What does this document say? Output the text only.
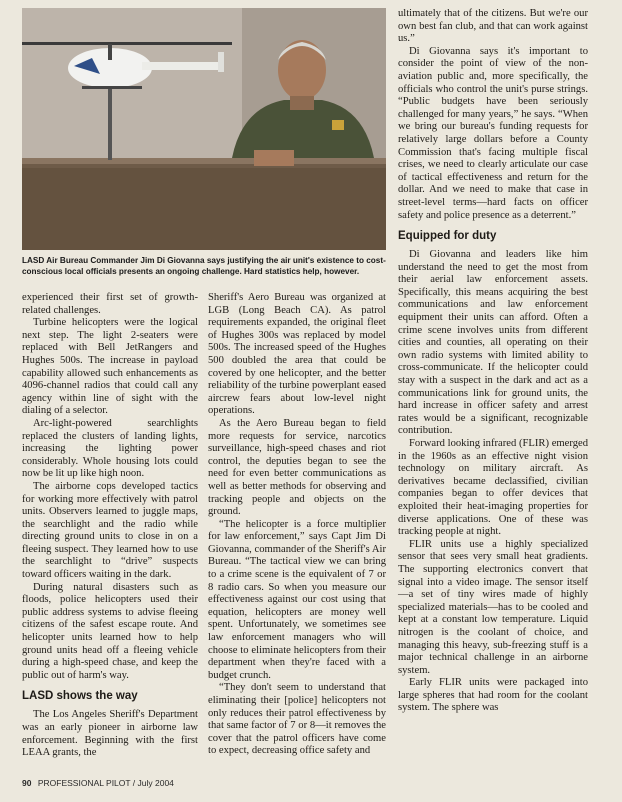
LASD Air Bureau Commander Jim Di Giovanna says justifying the air unit's existence to cost-conscious local officials presents an ongoing challenge. Hard statistics help, however.

experienced their first set of growth-related challenges.

Turbine helicopters were the logical next step. The light 2-seaters were replaced with Bell JetRangers and Hughes 500s. The increase in payload capability allowed such enhancements as 4096-channel radios that could call any agency within line of sight with the dialing of a selector.

Arc-light-powered searchlights replaced the clusters of landing lights, increasing the lighting power considerably. Whole housing lots could now be lit up like high noon.

The airborne cops developed tactics for working more effectively with patrol units. Observers learned to juggle maps, the searchlight and the radio while directing ground units to close in on a fleeing suspect. They learned how to use the searchlight to “drive” suspects toward officers waiting in the dark.

During natural disasters such as floods, police helicopters used their public address systems to advise fleeing citizens of the safest escape route. And helicopter units learned how to help ground units head off a fleeing vehicle during a high-speed chase, and keep the public out of harm's way.

LASD shows the way

The Los Angeles Sheriff's Department was an early pioneer in airborne law enforcement. Beginning with the first LEAA grants, the

Sheriff's Aero Bureau was organized at LGB (Long Beach CA). As patrol requirements expanded, the original fleet of Hughes 300s was replaced by model 500s. The increased speed of the Hughes 500 doubled the area that could be covered by one helicopter, and the better reliability of the turbine powerplant eased aircrew fears about low-level night operations.

As the Aero Bureau began to field more requests for service, narcotics surveillance, high-speed chases and riot control, the deputies began to see the need for even better communications as well as better methods for observing and tracking people and objects on the ground.

“The helicopter is a force multiplier for law enforcement,” says Capt Jim Di Giovanna, commander of the Sheriff's Air Bureau. “The tactical view we can bring to a crime scene is the equivalent of 7 or 8 radio cars. So when you measure our effectiveness against our cost using that equation, helicopters are money well spent. Unfortunately, we sometimes see law enforcement managers who will choose to eliminate helicopters from their department when they're faced with a budget crunch.

“They don't seem to understand that eliminating their [police] helicopters not only reduces their patrol effectiveness by that same factor of 7 or 8—it removes the cover that the patrol officers have come to expect, decreasing office safety and

ultimately that of the citizens. But we're our own best fan club, and that can work against us.”

Di Giovanna says it's important to consider the point of view of the non-aviation public and, more specifically, the officials who control the unit's purse strings. “Public budgets have been seriously challenged for many years,” he says. “When we bring our bureau's funding requests for relatively large dollars before a County Commission that's facing multiple fiscal crises, we need to clearly articulate our case of tactical effectiveness and return for the dollar. And we need to make that case in street-level terms—hard facts on officer safety and police presence as a deterrent.”

Equipped for duty

Di Giovanna and leaders like him understand the need to get the most from their aerial law enforcement assets. Specifically, this means acquiring the best communications and law enforcement equipment their units can afford. Often a crime scene involves units from different cities and counties, all operating on their own radio systems with limited ability to cross-communicate. If the helicopter could stay with a suspect in the dark and act as a communications link for ground units, the hard increase in officer safety and arrest rates would be a significant, recognizable contribution.

Forward looking infrared (FLIR) emerged in the 1960s as an effective night vision technology on military aircraft. As derivatives became declassified, civilian companies began to offer devices that exploited their heat-imaging properties for diverse applications. One of these was tracking people at night.

FLIR units use a highly specialized sensor that sees very small heat gradients. The supporting electronics convert that signal into a video image. The sensor itself—a set of tiny wires made of highly specialized materials—has to be cooled and kept at a constant low temperature. Liquid nitrogen is the coolant of choice, and managing this heavy, sub-freezing stuff is a major technical challenge in an airborne system.

Early FLIR units were packaged into large spheres that had room for the coolant system. The sphere was

90 PROFESSIONAL PILOT / July 2004
